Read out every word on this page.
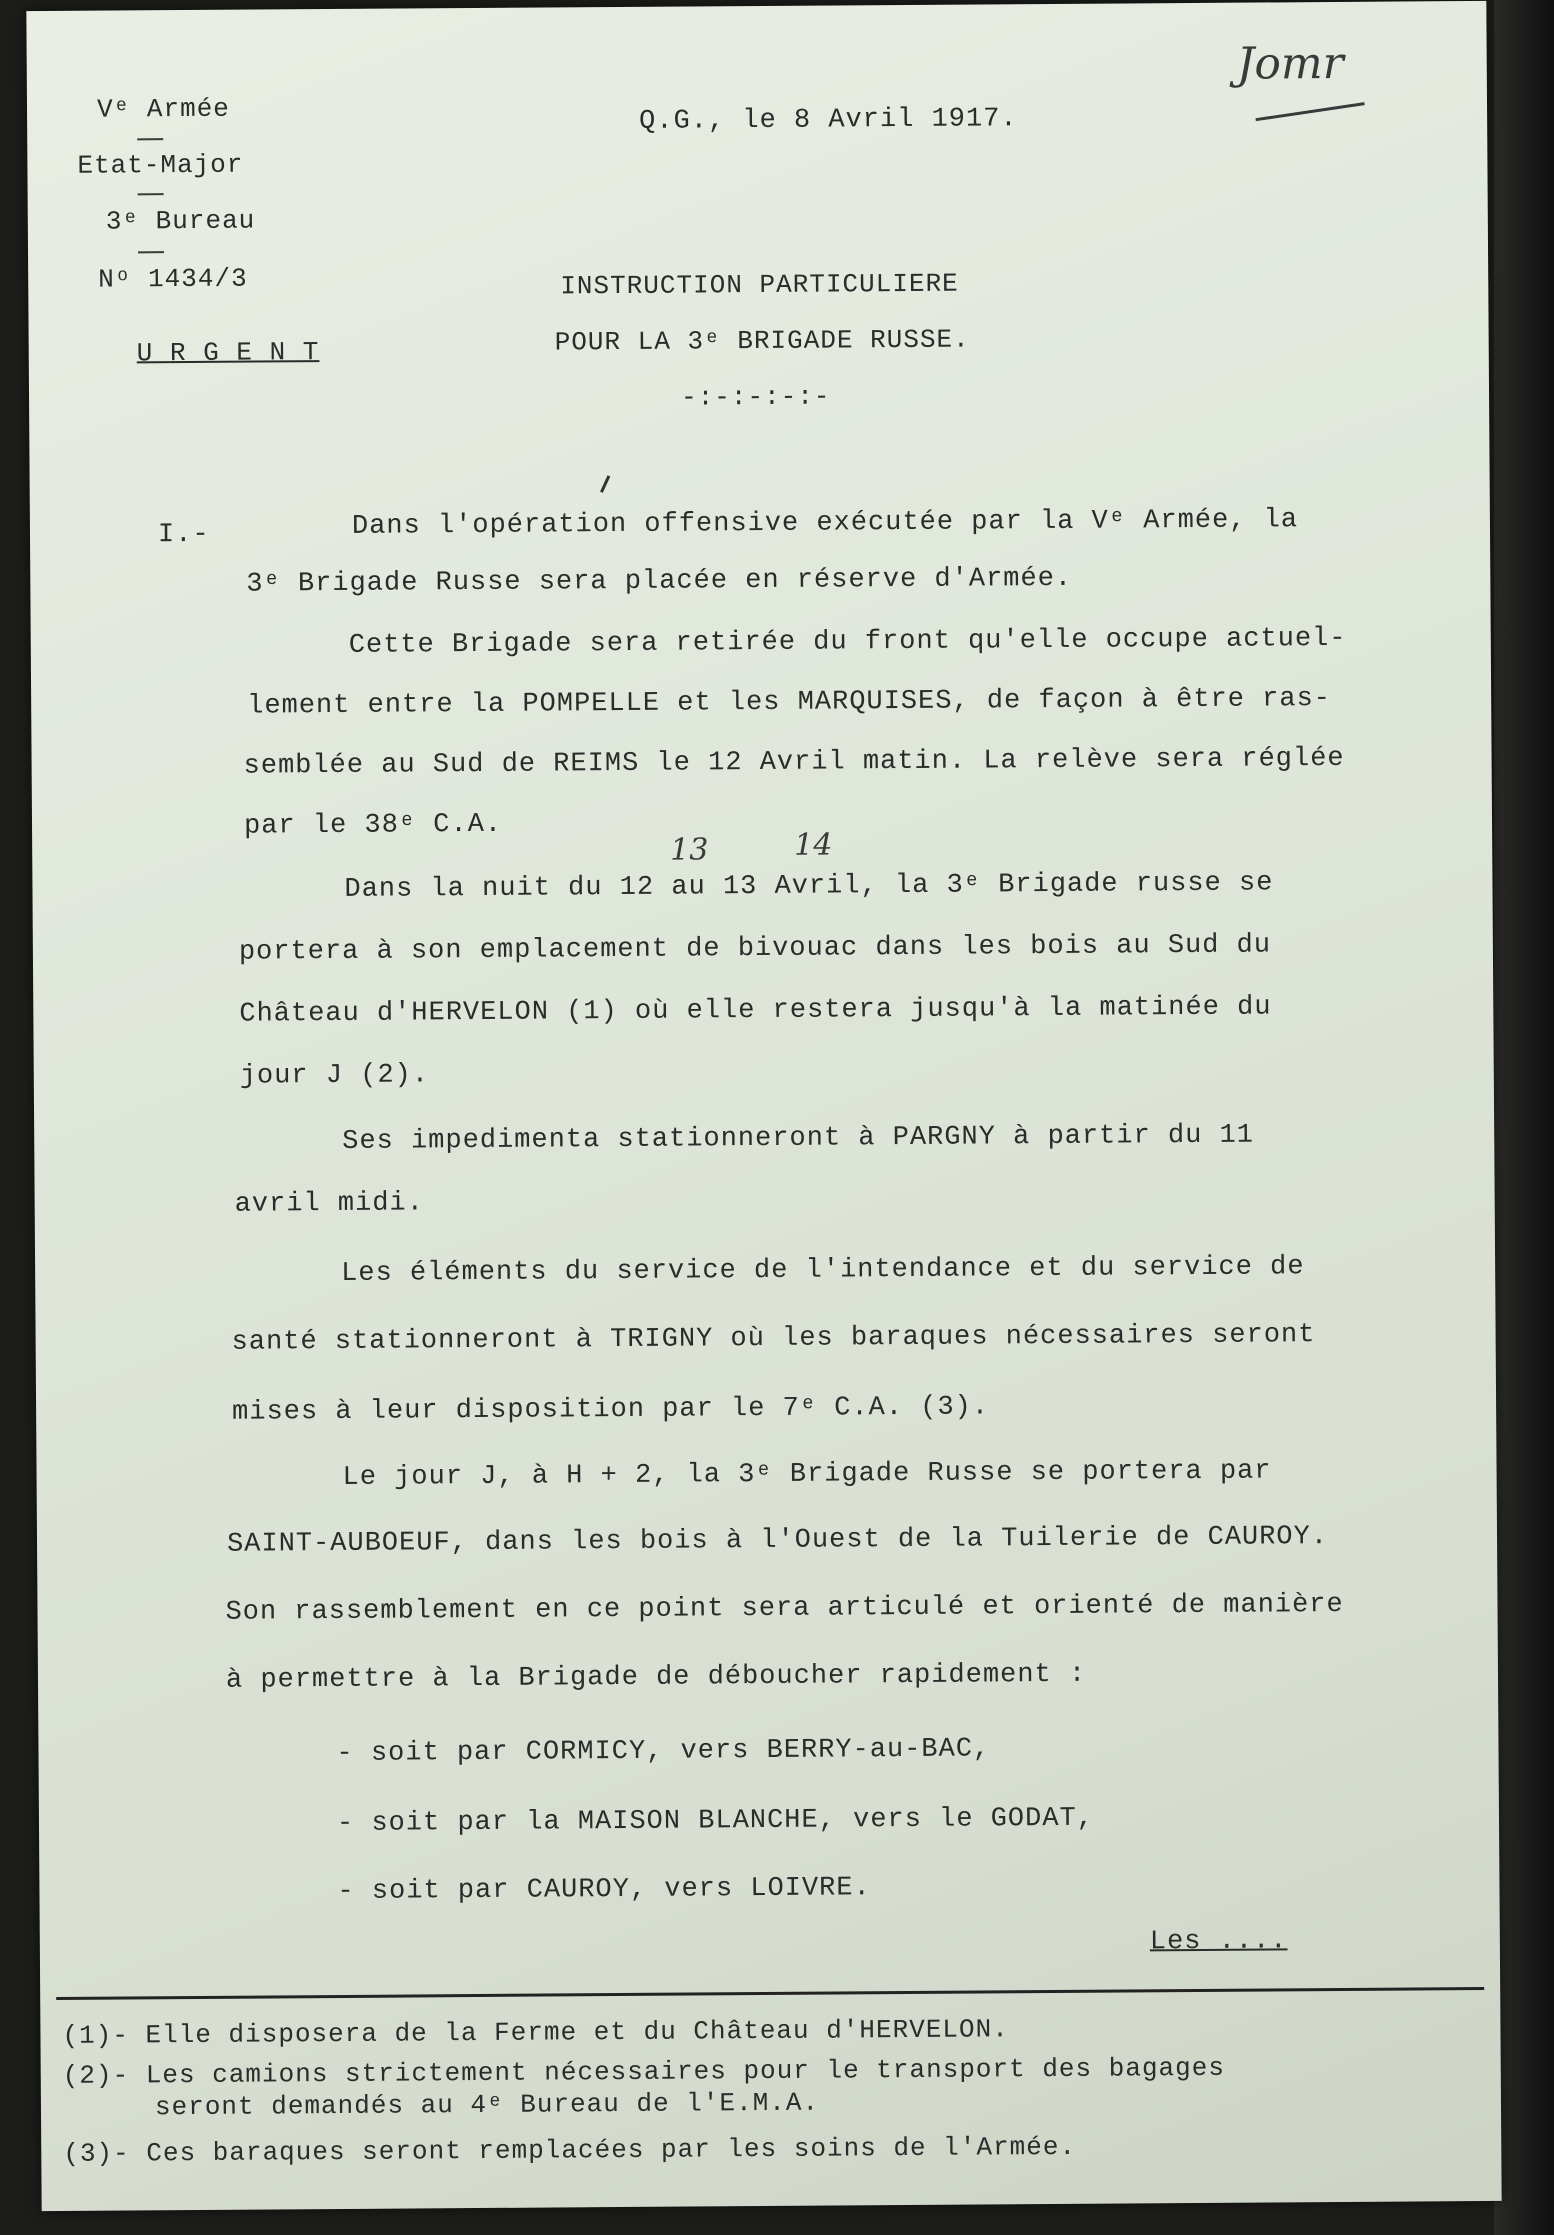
Vᵉ Armée
Etat-Major
3ᵉ Bureau
Nᵒ 1434/3
U R G E N T
Q.G., le 8 Avril 1917.
INSTRUCTION PARTICULIERE
POUR LA 3ᵉ BRIGADE RUSSE.
-:-:-:-:-
Jomr
I.-	Dans l'opération offensive exécutée par la Vᵉ Armée, la
3ᵉ Brigade Russe sera placée en réserve d'Armée.
Cette Brigade sera retirée du front qu'elle occupe actuel-
lement entre la POMPELLE et les MARQUISES, de façon à être ras-
semblée au Sud de REIMS le 12 Avril matin. La relève sera réglée
par le 38ᵉ C.A.
13	14
Dans la nuit du 12 au 13 Avril, la 3ᵉ Brigade russe se
portera à son emplacement de bivouac dans les bois au Sud du
Château d'HERVELON (1) où elle restera jusqu'à la matinée du
jour J (2).
Ses impedimenta stationneront à PARGNY à partir du 11
avril midi.
Les éléments du service de l'intendance et du service de
santé stationneront à TRIGNY où les baraques nécessaires seront
mises à leur disposition par le 7ᵉ C.A. (3).
Le jour J, à H + 2, la 3ᵉ Brigade Russe se portera par
SAINT-AUBOEUF, dans les bois à l'Ouest de la Tuilerie de CAUROY.
Son rassemblement en ce point sera articulé et orienté de manière
à permettre à la Brigade de déboucher rapidement :
- soit par CORMICY, vers BERRY-au-BAC,
- soit par la MAISON BLANCHE, vers le GODAT,
- soit par CAUROY, vers LOIVRE.
Les ....
(1)- Elle disposera de la Ferme et du Château d'HERVELON.
(2)- Les camions strictement nécessaires pour le transport des bagages
seront demandés au 4ᵉ Bureau de l'E.M.A.
(3)- Ces baraques seront remplacées par les soins de l'Armée.
